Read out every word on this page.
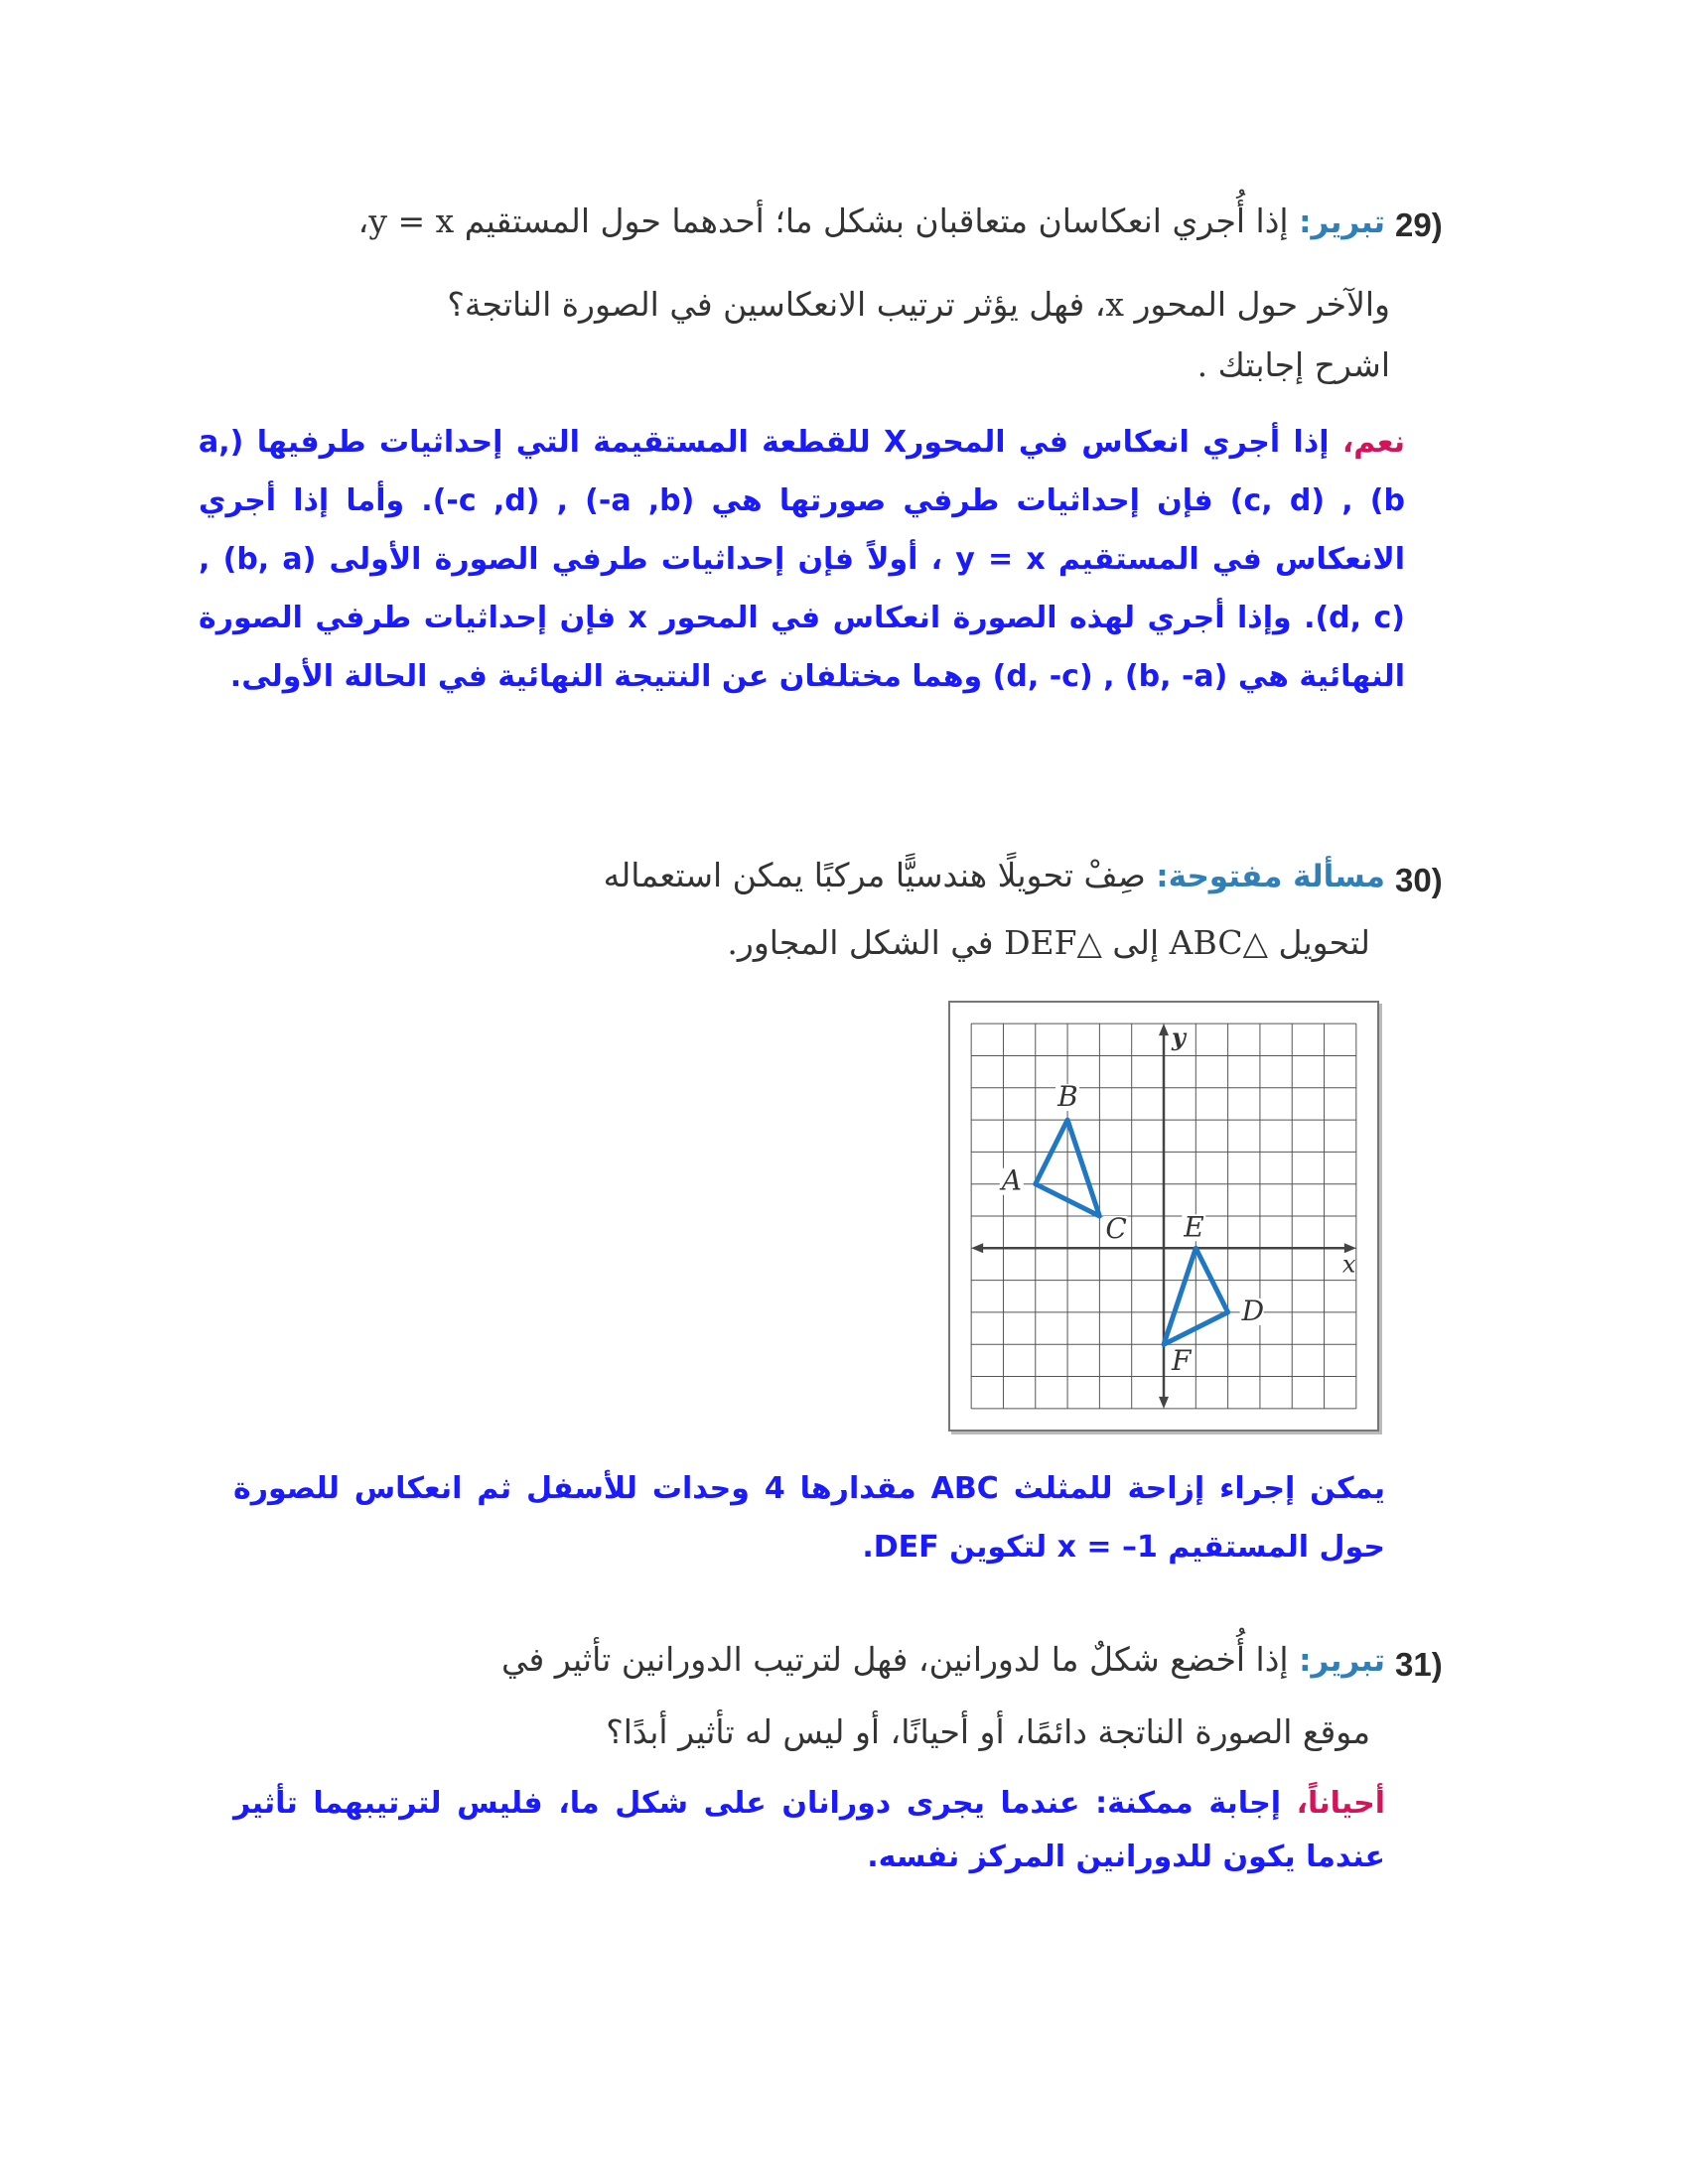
29)
تبرير: إذا أُجري انعكاسان متعاقبان بشكل ما؛ أحدهما حول المستقيم y = x،
والآخر حول المحور x، فهل يؤثر ترتيب الانعكاسين في الصورة الناتجة؟
اشرح إجابتك .
نعم، إذا أجري انعكاس في المحورX للقطعة المستقيمة التي إحداثيات طرفيها (a, b) , (c, d) فإن إحداثيات طرفي صورتها هي (a ,b-) , (c ,d-). وأما إذا أجري الانعكاس في المستقيم y = x ، أولاً فإن إحداثيات طرفي الصورة الأولى (b, a) , (d, c). وإذا أجري لهذه الصورة انعكاس في المحور x فإن إحداثيات طرفي الصورة النهائية هي (b, -a) , (d, -c) وهما مختلفان عن النتيجة النهائية في الحالة الأولى.
30)
مسألة مفتوحة: صِفْ تحويلًا هندسيًّا مركبًا يمكن استعماله
لتحويل △ABC إلى △DEF في الشكل المجاور.
x
y
A
B
C
D
E
F
يمكن إجراء إزاحة للمثلث ABC مقدارها 4 وحدات للأسفل ثم انعكاس للصورة حول المستقيم x = –1 لتكوين DEF.
31)
تبرير: إذا أُخضع شكلٌ ما لدورانين، فهل لترتيب الدورانين تأثير في
موقع الصورة الناتجة دائمًا، أو أحيانًا، أو ليس له تأثير أبدًا؟
أحياناً، إجابة ممكنة: عندما يجرى دورانان على شكل ما، فليس لترتيبهما تأثير عندما يكون للدورانين المركز نفسه.
